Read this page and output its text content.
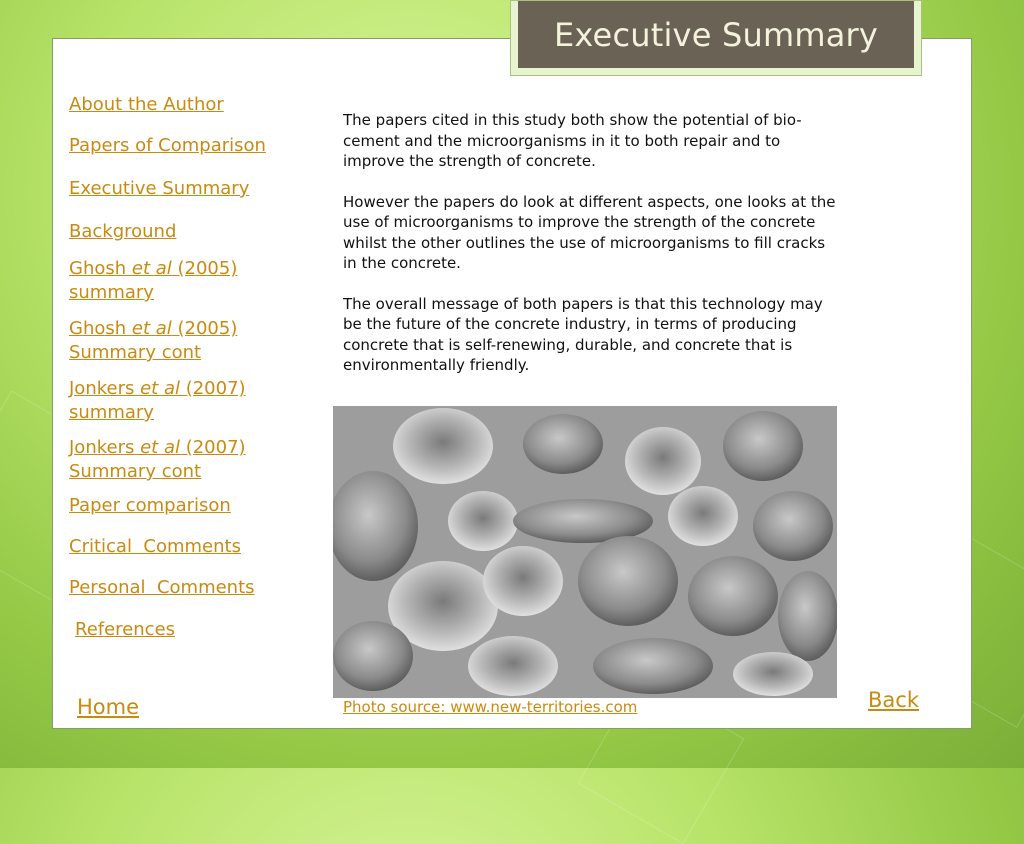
Executive Summary
About the Author
Papers of Comparison
Executive Summary
Background
Ghosh et al (2005)
summary
Ghosh et al (2005)
Summary cont
Jonkers et al (2007)
summary
Jonkers et al (2007)
Summary cont
Paper comparison
Critical  Comments
Personal  Comments
References

The papers cited in this study both show the potential of bio-cement and the microorganisms in it to both repair and to improve the strength of concrete.

However the papers do look at different aspects, one looks at the use of microorganisms to improve the strength of the concrete whilst the other outlines the use of microorganisms to fill cracks in the concrete.

The overall message of both papers is that this technology may be the future of the concrete industry, in terms of producing concrete that is self-renewing, durable, and concrete that is environmentally friendly.

Photo source: www.new-territories.com	Back
Home
